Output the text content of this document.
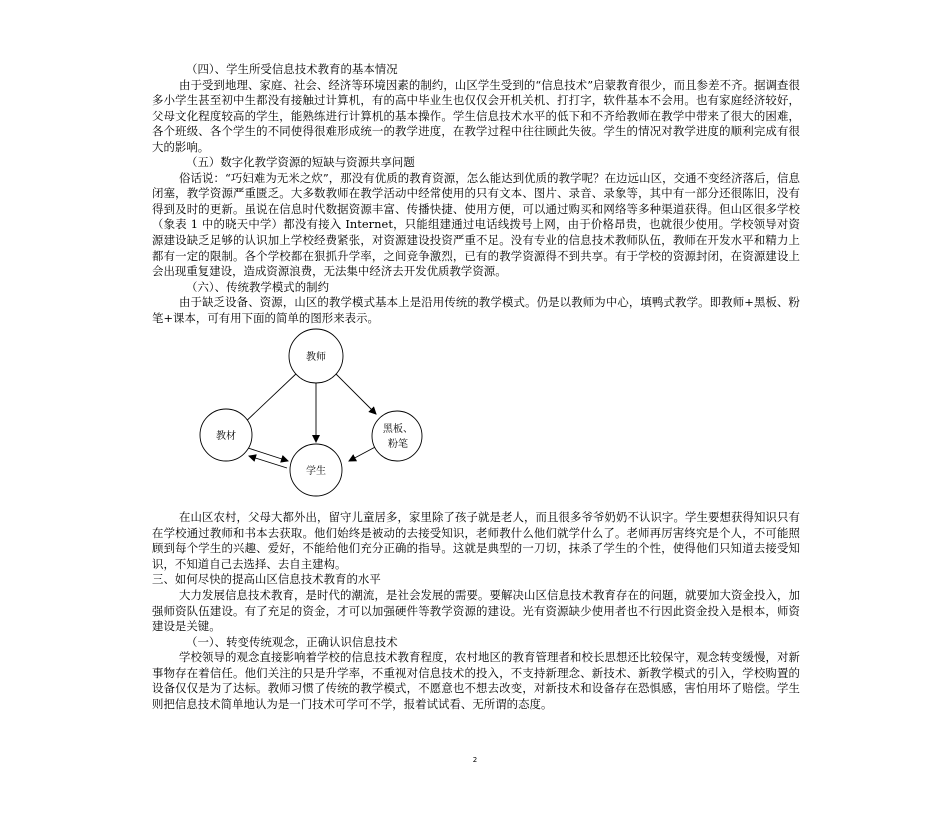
（四）、学生所受信息技术教育的基本情况

由于受到地理、家庭、社会、经济等环境因素的制约，山区学生受到的“信息技术”启蒙教育很少，而且参差不齐。据调查很多小学生甚至初中生都没有接触过计算机，有的高中毕业生也仅仅会开机关机、打打字，软件基本不会用。也有家庭经济较好，父母文化程度较高的学生，能熟练进行计算机的基本操作。学生信息技术水平的低下和不齐给教师在教学中带来了很大的困难，各个班级、各个学生的不同使得很难形成统一的教学进度，在教学过程中往往顾此失彼。学生的情况对教学进度的顺利完成有很大的影响。

（五）数字化教学资源的短缺与资源共享问题

俗话说：“巧妇难为无米之炊”，那没有优质的教育资源，怎么能达到优质的教学呢？在边远山区，交通不变经济落后，信息闭塞，教学资源严重匮乏。大多数教师在教学活动中经常使用的只有文本、图片、录音、录象等，其中有一部分还很陈旧，没有得到及时的更新。虽说在信息时代数据资源丰富、传播快捷、使用方便，可以通过购买和网络等多种渠道获得。但山区很多学校（象表 1 中的晓天中学）都没有接入 Internet，只能组建通过电话线拨号上网，由于价格昂贵，也就很少使用。学校领导对资源建设缺乏足够的认识加上学校经费紧张，对资源建设投资严重不足。没有专业的信息技术教师队伍，教师在开发水平和精力上都有一定的限制。各个学校都在狠抓升学率，之间竞争激烈，已有的教学资源得不到共享。有于学校的资源封闭，在资源建设上会出现重复建设，造成资源浪费，无法集中经济去开发优质教学资源。

（六）、传统教学模式的制约

由于缺乏设备、资源，山区的教学模式基本上是沿用传统的教学模式。仍是以教师为中心，填鸭式教学。即教师+黑板、粉笔+课本，可有用下面的简单的图形来表示。

教师
教材
黑板、
粉笔
学生

在山区农村，父母大都外出，留守儿童居多，家里除了孩子就是老人，而且很多爷爷奶奶不认识字。学生要想获得知识只有在学校通过教师和书本去获取。他们始终是被动的去接受知识，老师教什么他们就学什么了。老师再厉害终究是个人，不可能照顾到每个学生的兴趣、爱好，不能给他们充分正确的指导。这就是典型的一刀切，抹杀了学生的个性，使得他们只知道去接受知识，不知道自己去选择、去自主建构。

三、如何尽快的提高山区信息技术教育的水平

大力发展信息技术教育，是时代的潮流，是社会发展的需要。要解决山区信息技术教育存在的问题，就要加大资金投入，加强师资队伍建设。有了充足的资金，才可以加强硬件等教学资源的建设。光有资源缺少使用者也不行因此资金投入是根本，师资建设是关键。

（一）、转变传统观念，正确认识信息技术

学校领导的观念直接影响着学校的信息技术教育程度，农村地区的教育管理者和校长思想还比较保守，观念转变缓慢，对新事物存在着信任。他们关注的只是升学率，不重视对信息技术的投入，不支持新理念、新技术、新教学模式的引入，学校购置的设备仅仅是为了达标。教师习惯了传统的教学模式，不愿意也不想去改变，对新技术和设备存在恐惧感，害怕用坏了赔偿。学生则把信息技术简单地认为是一门技术可学可不学，报着试试看、无所谓的态度。

2
